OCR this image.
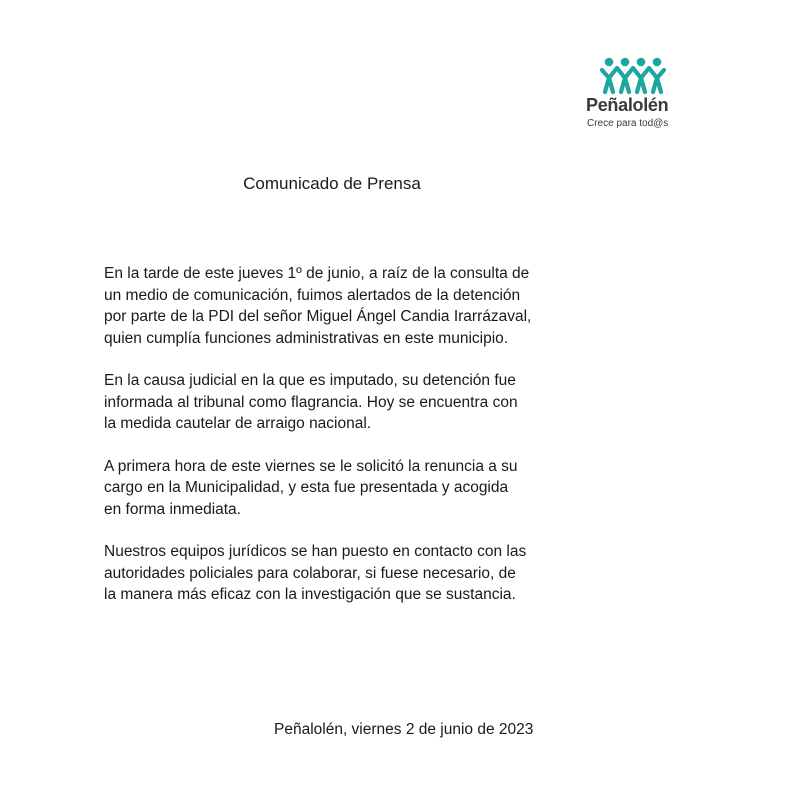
Peñalolén
Crece para tod@s
Comunicado de Prensa

En la tarde de este jueves 1º de junio, a raíz de la consulta de
un medio de comunicación, fuimos alertados de la detención
por parte de la PDI del señor Miguel Ángel Candia Irarrázaval,
quien cumplía funciones administrativas en este municipio.

En la causa judicial en la que es imputado, su detención fue
informada al tribunal como flagrancia. Hoy se encuentra con
la medida cautelar de arraigo nacional.

A primera hora de este viernes se le solicitó la renuncia a su
cargo en la Municipalidad, y esta fue presentada y acogida
en forma inmediata.

Nuestros equipos jurídicos se han puesto en contacto con las
autoridades policiales para colaborar, si fuese necesario, de
la manera más eficaz con la investigación que se sustancia.

Peñalolén, viernes 2 de junio de 2023
